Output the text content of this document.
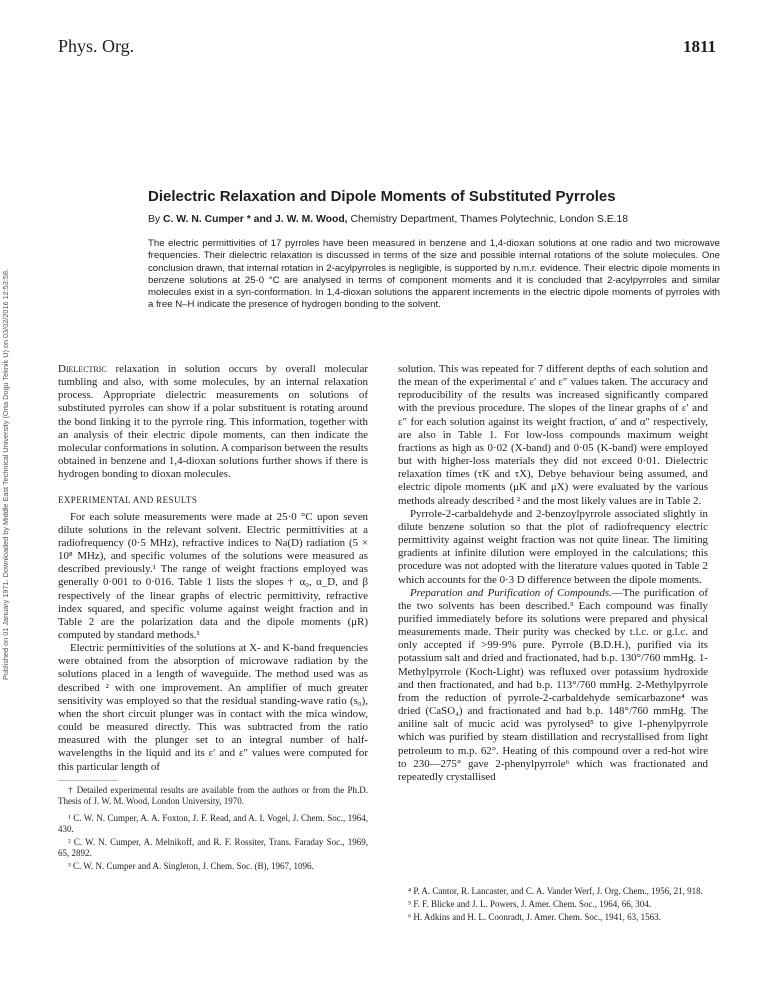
Phys. Org.	1811
Published on 01 January 1971. Downloaded by Middle East Technical University (Orta Dogu Teknik U) on 03/02/2016 12:53:58.
Dielectric Relaxation and Dipole Moments of Substituted Pyrroles
By C. W. N. Cumper * and J. W. M. Wood, Chemistry Department, Thames Polytechnic, London S.E.18

The electric permittivities of 17 pyrroles have been measured in benzene and 1,4-dioxan solutions at one radio and two microwave frequencies. Their dielectric relaxation is discussed in terms of the size and possible internal rotations of the solute molecules. One conclusion drawn, that internal rotation in 2-acylpyrroles is negligible, is supported by n.m.r. evidence. Their electric dipole moments in benzene solutions at 25·0 °C are analysed in terms of component moments and it is concluded that 2-acylpyrroles and similar molecules exist in a syn-conformation. In 1,4-dioxan solutions the apparent increments in the electric dipole moments of pyrroles with a free N–H indicate the presence of hydrogen bonding to the solvent.

Dielectric relaxation in solution occurs by overall molecular tumbling and also, with some molecules, by an internal relaxation process. Appropriate dielectric measurements on solutions of substituted pyrroles can show if a polar substituent is rotating around the bond linking it to the pyrrole ring. This information, together with an analysis of their electric dipole moments, can then indicate the molecular conformations in solution. A comparison between the results obtained in benzene and 1,4-dioxan solutions further shows if there is hydrogen bonding to dioxan molecules.

EXPERIMENTAL AND RESULTS

For each solute measurements were made at 25·0 °C upon seven dilute solutions in the relevant solvent. Electric permittivities at a radiofrequency (0·5 MHz), refractive indices to Na(D) radiation (5 × 10⁸ MHz), and specific volumes of the solutions were measured as described previously.¹ The range of weight fractions employed was generally 0·001 to 0·016. Table 1 lists the slopes † α₀, α_D, and β respectively of the linear graphs of electric permittivity, refractive index squared, and specific volume against weight fraction and in Table 2 are the polarization data and the dipole moments (μR) computed by standard methods.¹

Electric permittivities of the solutions at X- and K-band frequencies were obtained from the absorption of microwave radiation by the solutions placed in a length of waveguide. The method used was as described ² with one improvement. An amplifier of much greater sensitivity was employed so that the residual standing-wave ratio (s₀), when the short circuit plunger was in contact with the mica window, could be measured directly. This was subtracted from the ratio measured with the plunger set to an integral number of half-wavelengths in the liquid and its ε′ and ε″ values were computed for this particular length of

† Detailed experimental results are available from the authors or from the Ph.D. Thesis of J. W. M. Wood, London University, 1970.

¹ C. W. N. Cumper, A. A. Foxton, J. F. Read, and A. I. Vogel, J. Chem. Soc., 1964, 430.

² C. W. N. Cumper, A. Melnikoff, and R. F. Rossiter, Trans. Faraday Soc., 1969, 65, 2892.

³ C. W. N. Cumper and A. Singleton, J. Chem. Soc. (B), 1967, 1096.

solution. This was repeated for 7 different depths of each solution and the mean of the experimental ε′ and ε″ values taken. The accuracy and reproducibility of the results was increased significantly compared with the previous procedure. The slopes of the linear graphs of ε′ and ε″ for each solution against its weight fraction, α′ and α″ respectively, are also in Table 1. For low-loss compounds maximum weight fractions as high as 0·02 (X-band) and 0·05 (K-band) were employed but with higher-loss materials they did not exceed 0·01. Dielectric relaxation times (τK and τX), Debye behaviour being assumed, and electric dipole moments (μK and μX) were evaluated by the various methods already described ² and the most likely values are in Table 2.

Pyrrole-2-carbaldehyde and 2-benzoylpyrrole associated slightly in dilute benzene solution so that the plot of radiofrequency electric permittivity against weight fraction was not quite linear. The limiting gradients at infinite dilution were employed in the calculations; this procedure was not adopted with the literature values quoted in Table 2 which accounts for the 0·3 D difference between the dipole moments.

Preparation and Purification of Compounds.—The purification of the two solvents has been described.³ Each compound was finally purified immediately before its solutions were prepared and physical measurements made. Their purity was checked by t.l.c. or g.l.c. and only accepted if >99·9% pure. Pyrrole (B.D.H.), purified via its potassium salt and dried and fractionated, had b.p. 130°/760 mmHg. 1-Methylpyrrole (Koch-Light) was refluxed over potassium hydroxide and then fractionated, and had b.p. 113°/760 mmHg. 2-Methylpyrrole from the reduction of pyrrole-2-carbaldehyde semicarbazone⁴ was dried (CaSO₄) and fractionated and had b.p. 148°/760 mmHg. The aniline salt of mucic acid was pyrolysed⁵ to give 1-phenylpyrrole which was purified by steam distillation and recrystallised from light petroleum to m.p. 62°. Heating of this compound over a red-hot wire to 230—275° gave 2-phenylpyrrole⁶ which was fractionated and repeatedly crystallised

⁴ P. A. Cantor, R. Lancaster, and C. A. Vander Werf, J. Org. Chem., 1956, 21, 918.

⁵ F. F. Blicke and J. L. Powers, J. Amer. Chem. Soc., 1964, 66, 304.

⁶ H. Adkins and H. L. Coonradt, J. Amer. Chem. Soc., 1941, 63, 1563.
